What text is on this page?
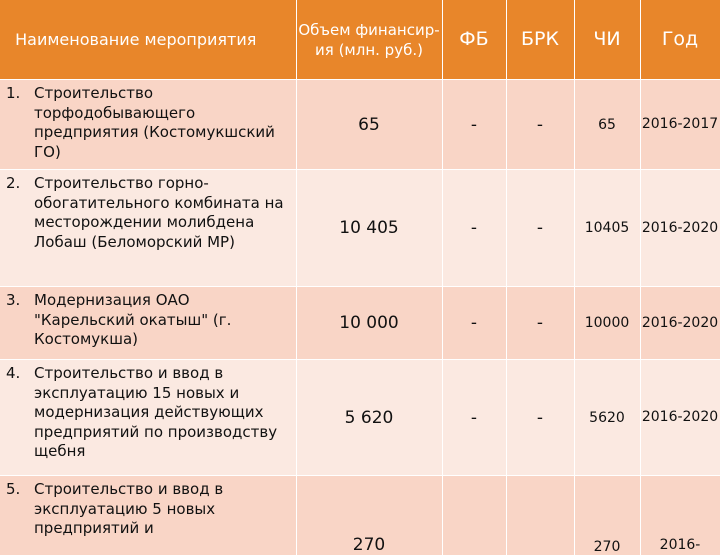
Наименование мероприятия	Объем финансир-ия (млн. руб.)	ФБ	БРК	ЧИ	Год

1. Строительство торфодобывающего предприятия (Костомукшский ГО)	65	-	-	65	2016-2017

2. Строительство горно-обогатительного комбината на месторождении молибдена Лобаш (Беломорский МР)	10 405	-	-	10405	2016-2020

3. Модернизация ОАО "Карельский окатыш" (г. Костомукша)	10 000	-	-	10000	2016-2020

4. Строительство и ввод в эксплуатацию 15 новых и модернизация действующих предприятий по производству щебня	5 620	-	-	5620	2016-2020

5. Строительство и ввод в эксплуатацию 5 новых предприятий и	270			270	2016-
